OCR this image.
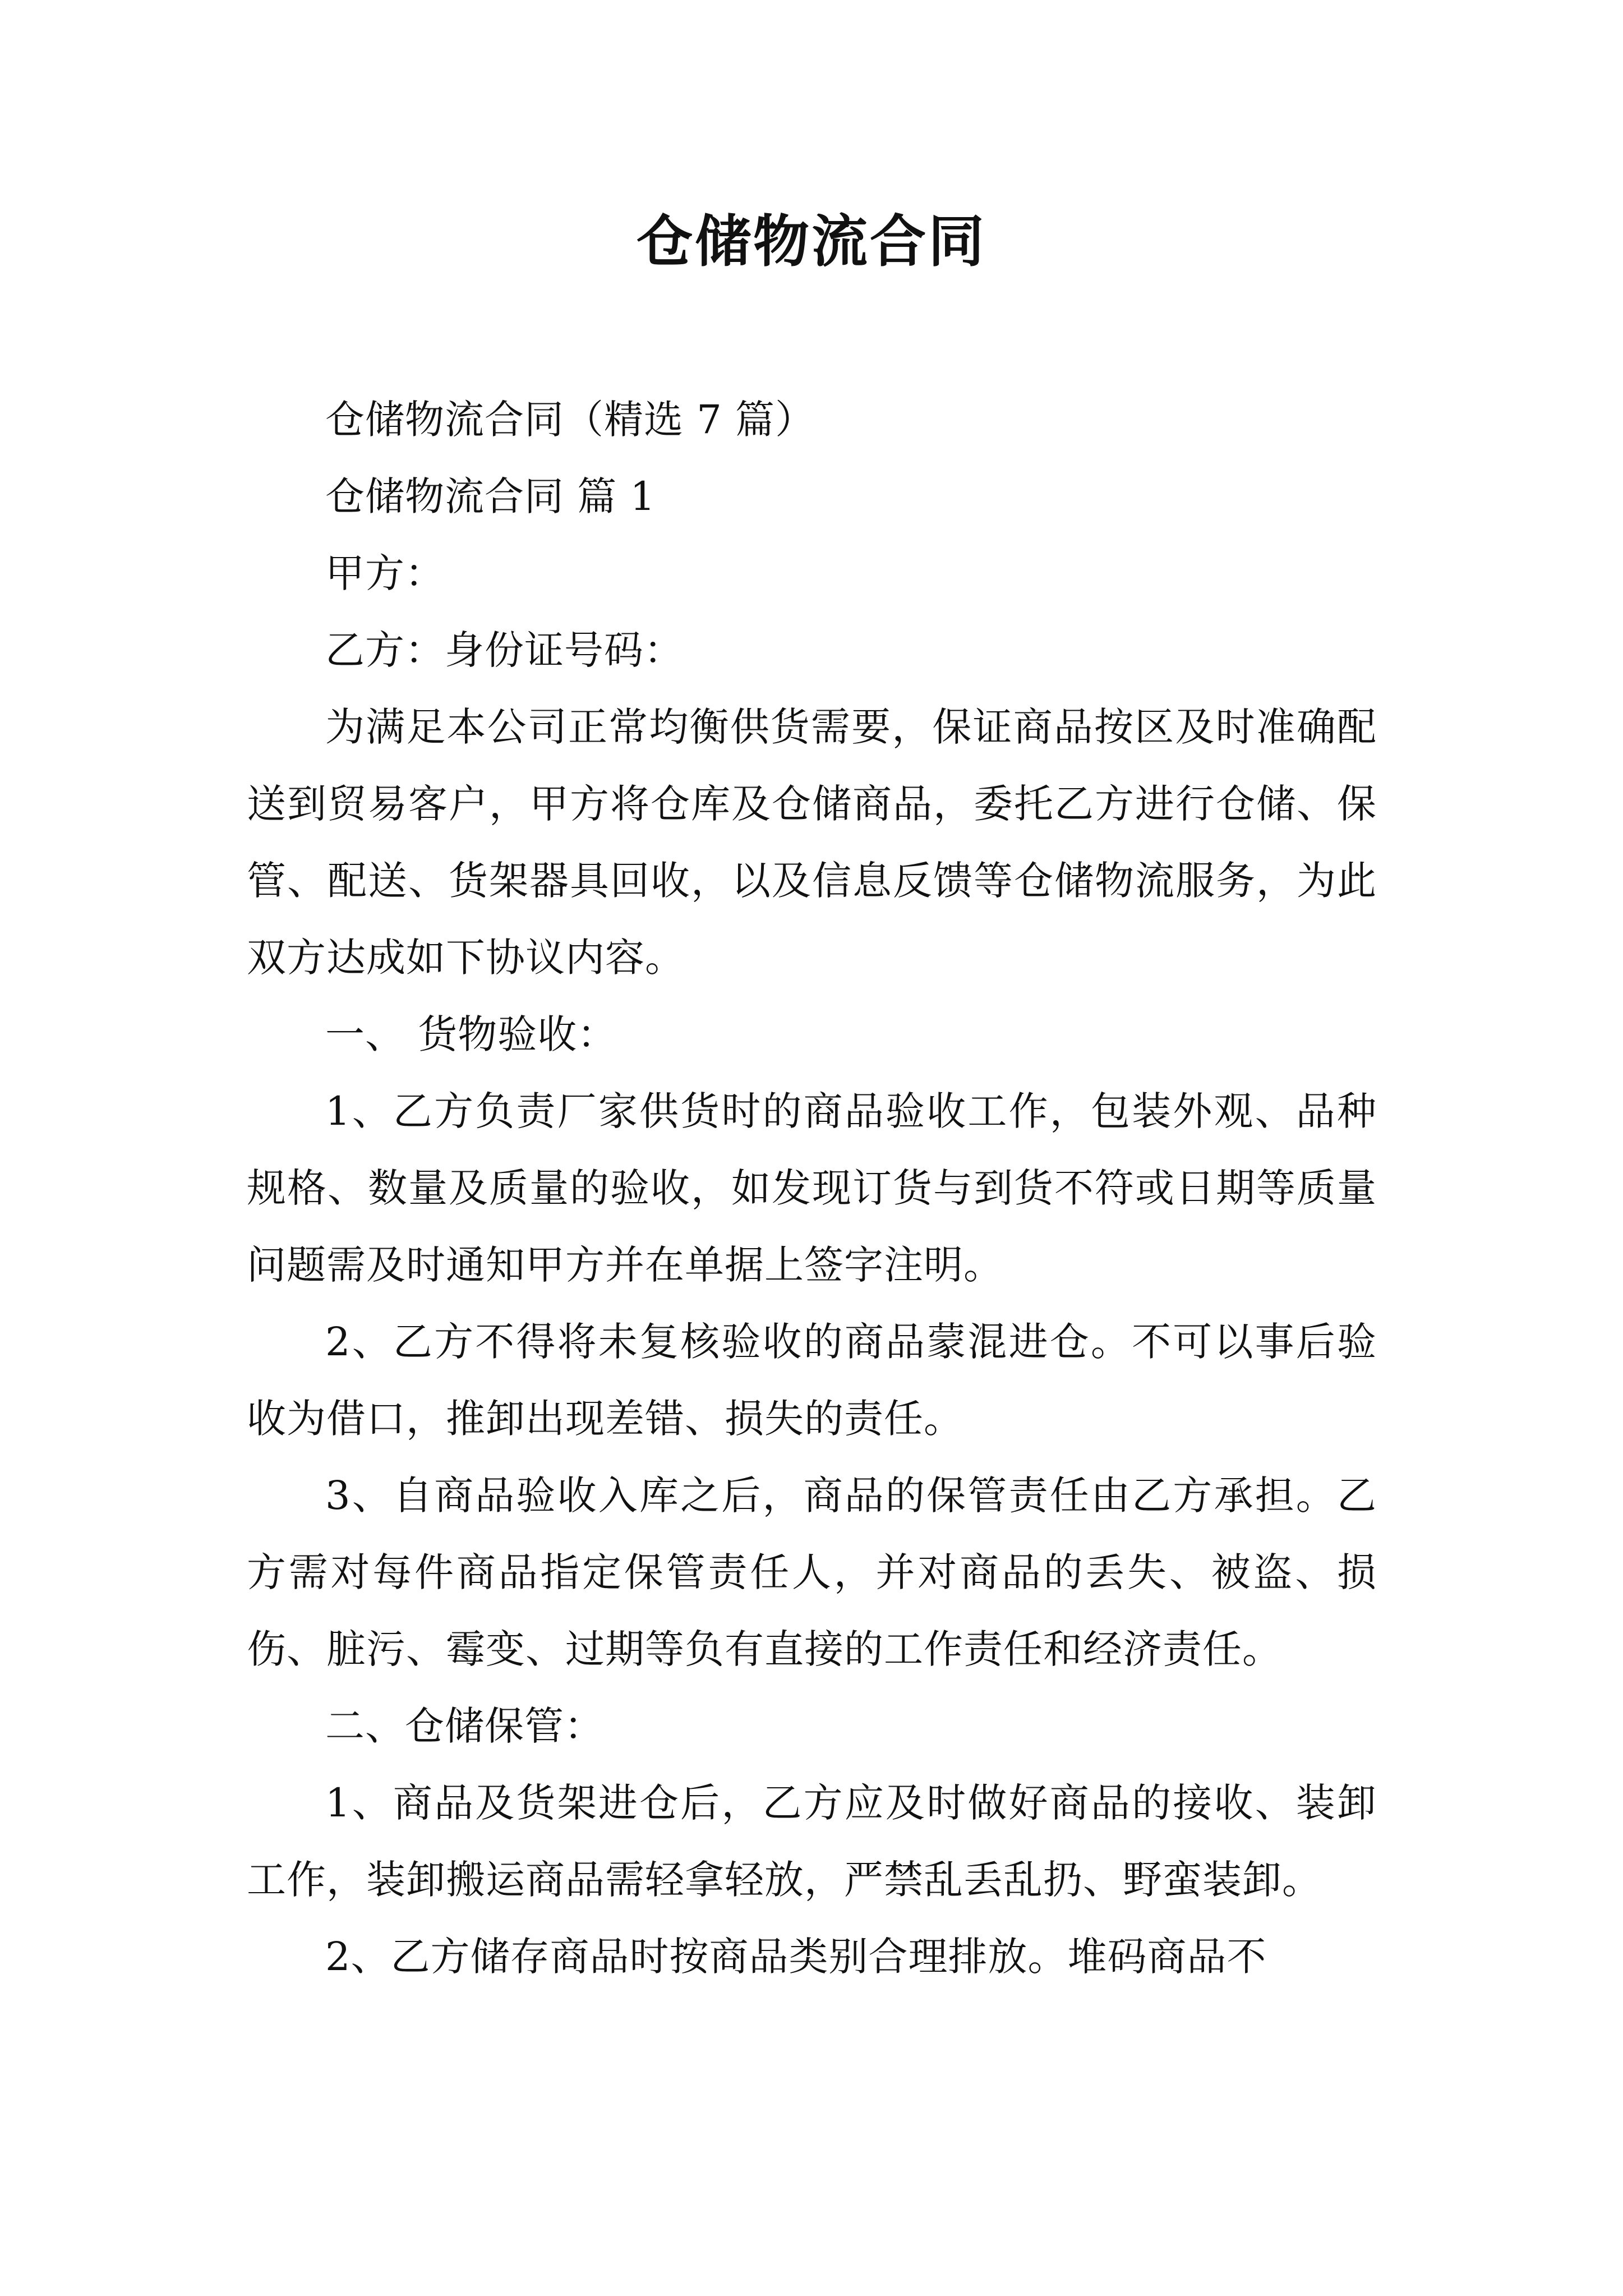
仓储物流合同

仓储物流合同（精选 7 篇）

仓储物流合同 篇 1

甲方：

乙方：身份证号码：

为满足本公司正常均衡供货需要，保证商品按区及时准确配送到贸易客户，甲方将仓库及仓储商品，委托乙方进行仓储、保管、配送、货架器具回收，以及信息反馈等仓储物流服务，为此双方达成如下协议内容。

一、 货物验收：

1、乙方负责厂家供货时的商品验收工作，包装外观、品种规格、数量及质量的验收，如发现订货与到货不符或日期等质量问题需及时通知甲方并在单据上签字注明。

2、乙方不得将未复核验收的商品蒙混进仓。不可以事后验收为借口，推卸出现差错、损失的责任。

3、自商品验收入库之后，商品的保管责任由乙方承担。乙方需对每件商品指定保管责任人，并对商品的丢失、被盗、损伤、脏污、霉变、过期等负有直接的工作责任和经济责任。

二、仓储保管：

1、商品及货架进仓后，乙方应及时做好商品的接收、装卸工作，装卸搬运商品需轻拿轻放，严禁乱丢乱扔、野蛮装卸。

2、乙方储存商品时按商品类别合理排放。堆码商品不
